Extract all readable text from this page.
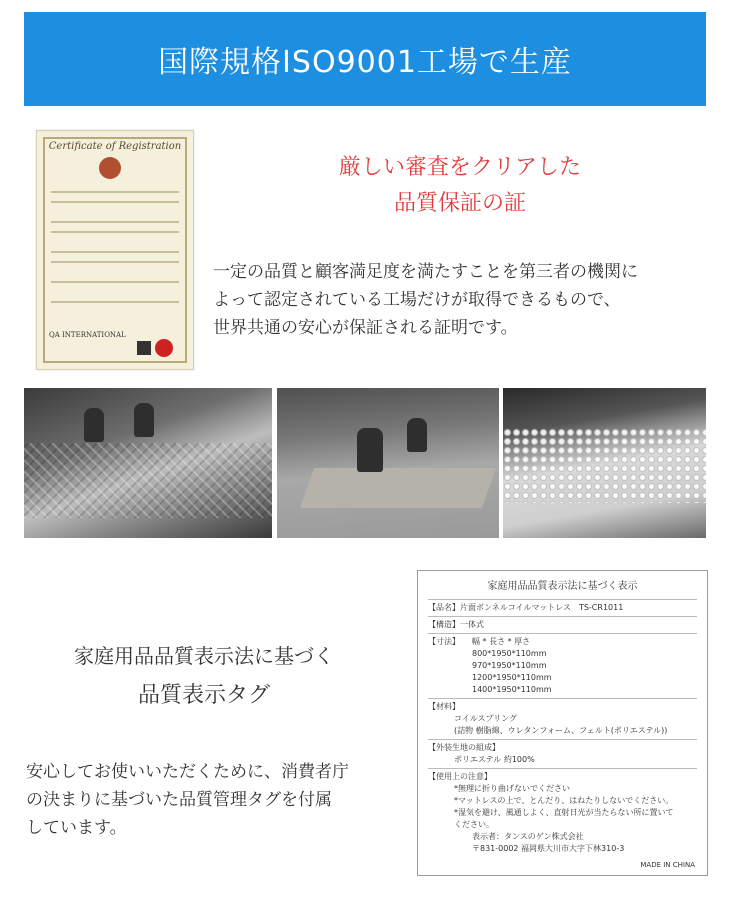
国際規格ISO9001工場で生産
Certificate of Registration
QA INTERNATIONAL
厳しい審査をクリアした
品質保証の証
一定の品質と顧客満足度を満たすことを第三者の機関に
よって認定されている工場だけが取得できるもので、
世界共通の安心が保証される証明です。
家庭用品品質表示法に基づく
品質表示タグ
安心してお使いいただくために、消費者庁
の決まりに基づいた品質管理タグを付属
しています。
家庭用品品質表示法に基づく表示
【品名】片面ボンネルコイルマットレス　TS-CR1011
【構造】一体式
【寸法】　　幅 * 長さ * 厚さ
800*1950*110mm
970*1950*110mm
1200*1950*110mm
1400*1950*110mm
【材料】
コイルスプリング
(詰物 樹脂綿、ウレタンフォーム、フェルト(ポリエステル))
【外装生地の組成】
ポリエステル 約100%
【使用上の注意】
*無理に折り曲げないでください
*マットレスの上で、とんだり、はねたりしないでください。
*湿気を避け、風通しよく、直射日光が当たらない所に置いて
ください。
表示者：タンスのゲン株式会社
〒831-0002 福岡県大川市大字下林310-3
MADE IN CHINA
